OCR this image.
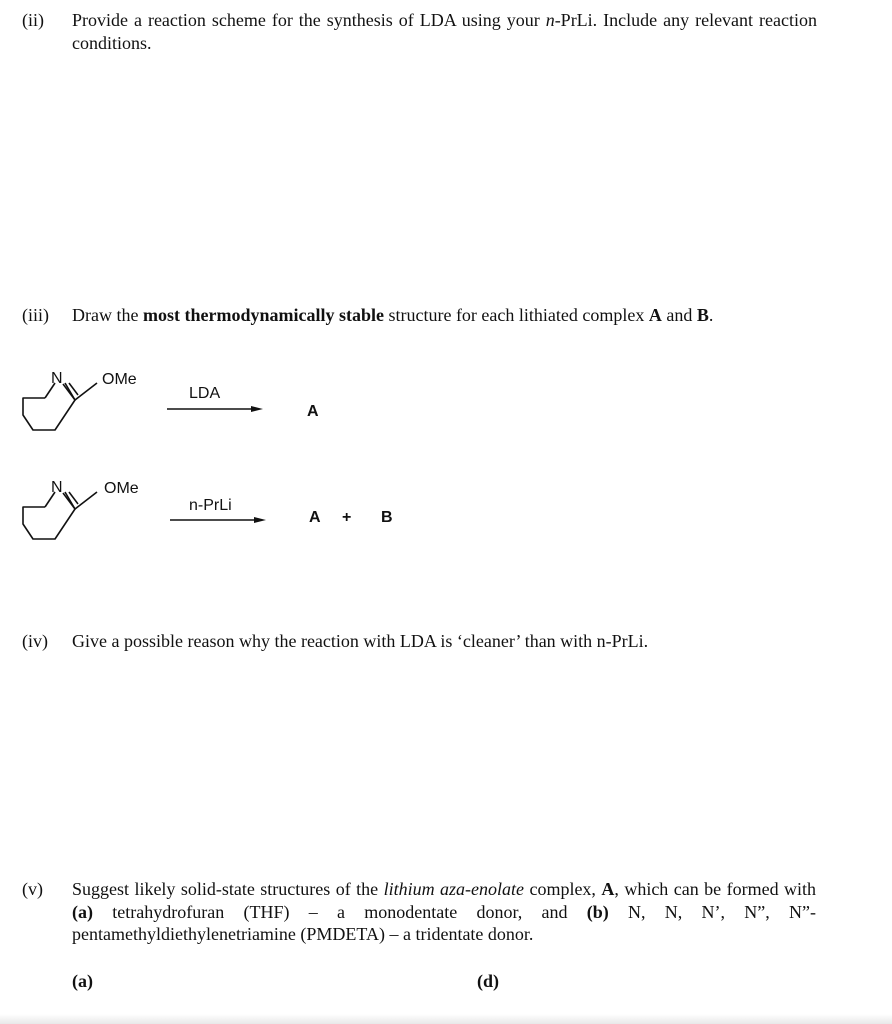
(ii) Provide a reaction scheme for the synthesis of LDA using your n-PrLi. Include any relevant reaction conditions.
(iii) Draw the most thermodynamically stable structure for each lithiated complex A and B.
N OMe
LDA
A
N	OMe
n-PrLi
A + B
(iv) Give a possible reason why the reaction with LDA is ‘cleaner’ than with n-PrLi.
(v) Suggest likely solid-state structures of the lithium aza-enolate complex, A, which can be formed with (a) tetrahydrofuran (THF) – a monodentate donor, and (b) N, N, N’, N”, N”-pentamethyldiethylenetriamine (PMDETA) – a tridentate donor.
(a)	(d)
